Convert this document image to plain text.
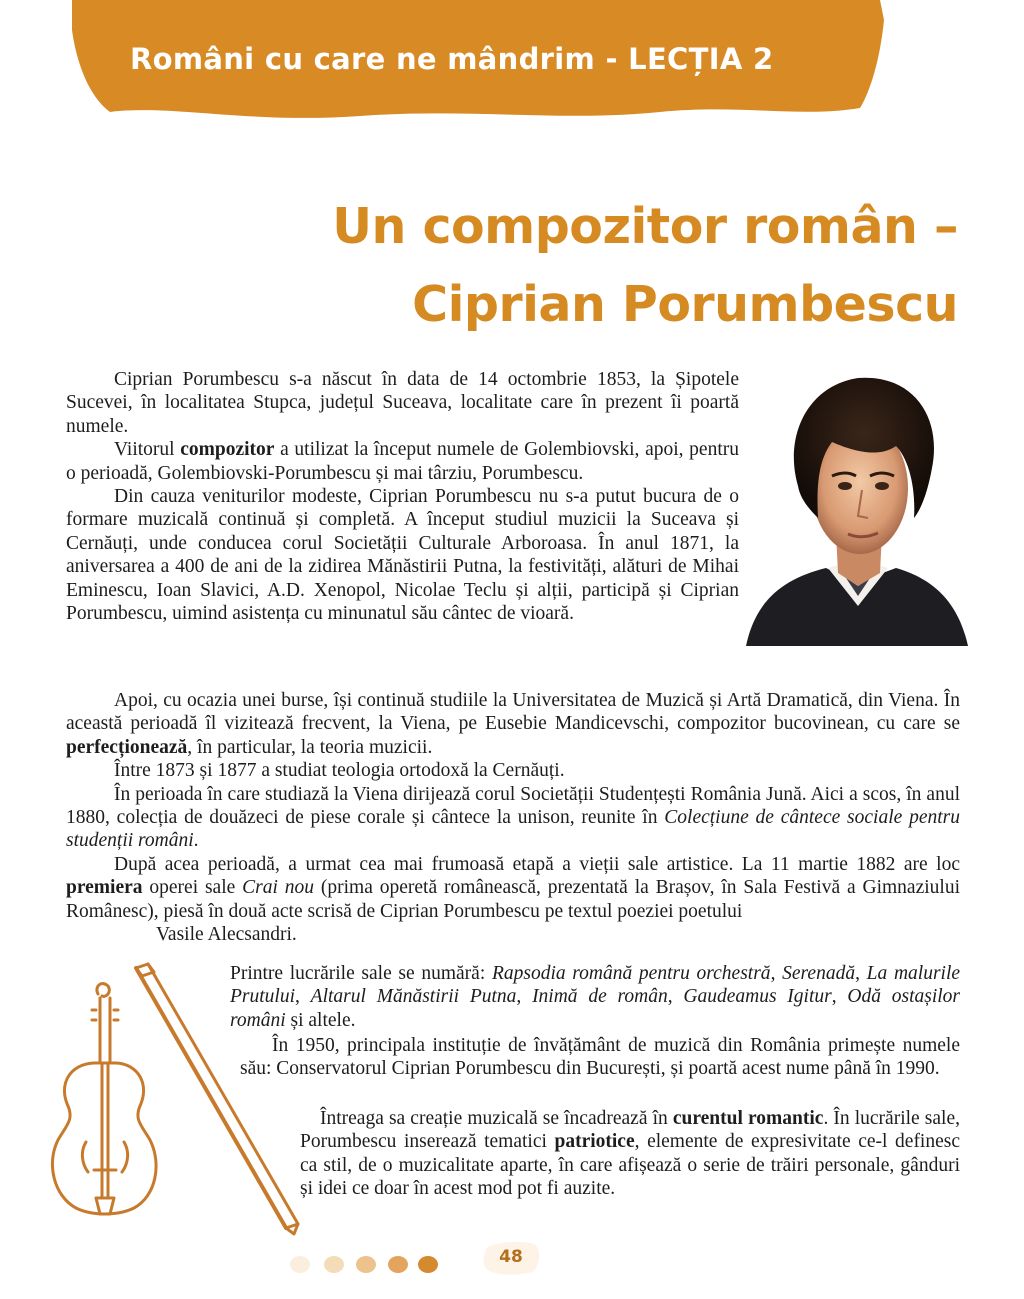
Români cu care ne mândrim - LECȚIA 2
Un compozitor român –
Ciprian Porumbescu

Ciprian Porumbescu s-a născut în data de 14 octombrie 1853, la Șipotele Sucevei, în localitatea Stupca, județul Suceava, localitate care în prezent îi poartă numele.

Viitorul compozitor a utilizat la început numele de Golembiovski, apoi, pentru o perioadă, Golembiovski-Porumbescu și mai târziu, Porumbescu.

Din cauza veniturilor modeste, Ciprian Porumbescu nu s-a putut bucura de o formare muzicală continuă și completă. A început studiul muzicii la Suceava și Cernăuți, unde conducea corul Societății Culturale Arboroasa. În anul 1871, la aniversarea a 400 de ani de la zidirea Mănăstirii Putna, la festivități, alături de Mihai Eminescu, Ioan Slavici, A.D. Xenopol, Nicolae Teclu și alții, participă și Ciprian Porumbescu, uimind asistența cu minunatul său cântec de vioară.

Apoi, cu ocazia unei burse, își continuă studiile la Universitatea de Muzică și Artă Dramatică, din Viena. În această perioadă îl vizitează frecvent, la Viena, pe Eusebie Mandicevschi, compozitor bucovinean, cu care se perfecționează, în particular, la teoria muzicii.

Între 1873 și 1877 a studiat teologia ortodoxă la Cernăuți.

În perioada în care studiază la Viena dirijează corul Societății Studențești România Jună. Aici a scos, în anul 1880, colecția de douăzeci de piese corale și cântece la unison, reunite în Colecțiune de cântece sociale pentru studenții români.

După acea perioadă, a urmat cea mai frumoasă etapă a vieții sale artistice. La 11 martie 1882 are loc premiera operei sale Crai nou (prima operetă românească, prezentată la Brașov, în Sala Festivă a Gimnaziului Românesc), piesă în două acte scrisă de Ciprian Porumbescu pe textul poeziei poetului

Vasile Alecsandri.

Printre lucrările sale se numără: Rapsodia română pentru orchestră, Serenadă, La malurile Prutului, Altarul Mănăstirii Putna, Inimă de român, Gaudeamus Igitur, Odă ostașilor români și altele.

În 1950, principala instituție de învățământ de muzică din România primește numele său: Conservatorul Ciprian Porumbescu din București, și poartă acest nume până în 1990.

Întreaga sa creație muzicală se încadrează în curentul romantic. În lucrările sale, Porumbescu inserează tematici patriotice, elemente de expresivitate ce-l definesc ca stil, de o muzicalitate aparte, în care afișează o serie de trăiri personale, gânduri și idei ce doar în acest mod pot fi auzite.

48
